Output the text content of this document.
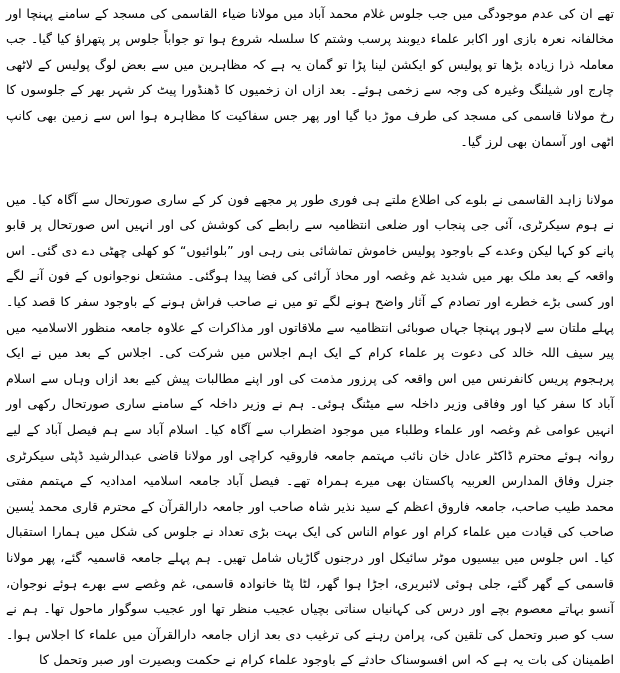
تھے ان کی عدم موجودگی میں جب جلوس غلام محمد آباد میں مولانا ضیاء القاسمی کی مسجد کے سامنے پہنچا اور مخالفانہ نعرہ بازی اور اکابر علماء دیوبند پرسب وشتم کا سلسلہ شروع ہوا تو جواباً جلوس پر پتھراؤ کیا گیا۔ جب معاملہ ذرا زیادہ بڑھا تو پولیس کو ایکشن لینا پڑا تو گمان یہ ہے کہ مظاہرین میں سے بعض لوگ پولیس کے لاٹھی چارج اور شیلنگ وغیرہ کی وجہ سے زخمی ہوئے۔ بعد ازاں ان زخمیوں کا ڈھنڈورا پیٹ کر شہر بھر کے جلوسوں کا رخ مولانا قاسمی کی مسجد کی طرف موڑ دیا گیا اور پھر جس سفاکیت کا مظاہرہ ہوا اس سے زمین بھی کانپ اٹھی اور آسمان بھی لرز گیا۔

مولانا زاہد القاسمی نے بلوے کی اطلاع ملتے ہی فوری طور پر مجھے فون کر کے ساری صورتحال سے آگاہ کیا۔ میں نے ہوم سیکرٹری، آئی جی پنجاب اور ضلعی انتظامیہ سے رابطے کی کوشش کی اور انہیں اس صورتحال پر قابو پانے کو کہا لیکن وعدے کے باوجود پولیس خاموش تماشائی بنی رہی اور ”بلوائیوں“ کو کھلی چھٹی دے دی گئی۔ اس واقعہ کے بعد ملک بھر میں شدید غم وغصہ اور محاذ آرائی کی فضا پیدا ہوگئی۔ مشتعل نوجوانوں کے فون آنے لگے اور کسی بڑے خطرے اور تصادم کے آثار واضح ہونے لگے تو میں نے صاحب فراش ہونے کے باوجود سفر کا قصد کیا۔ پہلے ملتان سے لاہور پہنچا جہاں صوبائی انتظامیہ سے ملاقاتوں اور مذاکرات کے علاوہ جامعہ منظور الاسلامیہ میں پیر سیف اللہ خالد کی دعوت پر علماء کرام کے ایک اہم اجلاس میں شرکت کی۔ اجلاس کے بعد میں نے ایک پرہجوم پریس کانفرنس میں اس واقعہ کی پرزور مذمت کی اور اپنے مطالبات پیش کیے بعد ازاں وہاں سے اسلام آباد کا سفر کیا اور وفاقی وزیر داخلہ سے میٹنگ ہوئی۔ ہم نے وزیر داخلہ کے سامنے ساری صورتحال رکھی اور انہیں عوامی غم وغصہ اور علماء وطلباء میں موجود اضطراب سے آگاہ کیا۔ اسلام آباد سے ہم فیصل آباد کے لیے روانہ ہوئے محترم ڈاکٹر عادل خان نائب مہتمم جامعہ فاروقیہ کراچی اور مولانا قاضی عبدالرشید ڈپٹی سیکرٹری جنرل وفاق المدارس العربیہ پاکستان بھی میرے ہمراہ تھے۔ فیصل آباد جامعہ اسلامیہ امدادیہ کے مہتمم مفتی محمد طیب صاحب، جامعہ فاروق اعظم کے سید نذیر شاہ صاحب اور جامعہ دارالقرآن کے محترم قاری محمد یٰسین صاحب کی قیادت میں علماء کرام اور عوام الناس کی ایک بہت بڑی تعداد نے جلوس کی شکل میں ہمارا استقبال کیا۔ اس جلوس میں بیسیوں موٹر سائیکل اور درجنوں گاڑیاں شامل تھیں۔ ہم پہلے جامعہ قاسمیہ گئے، پھر مولانا قاسمی کے گھر گئے، جلی ہوئی لائبریری، اجڑا ہوا گھر، لٹا پٹا خانوادہ قاسمی، غم وغصے سے بھرے ہوئے نوجوان، آنسو بہاتے معصوم بچے اور درس کی کہانیاں سناتی بچیاں عجیب منظر تھا اور عجیب سوگوار ماحول تھا۔ ہم نے سب کو صبر وتحمل کی تلقین کی، پرامن رہنے کی ترغیب دی بعد ازاں جامعہ دارالقرآن میں علماء کا اجلاس ہوا۔ اطمینان کی بات یہ ہے کہ اس افسوسناک حادثے کے باوجود علماء کرام نے حکمت وبصیرت اور صبر وتحمل کا
